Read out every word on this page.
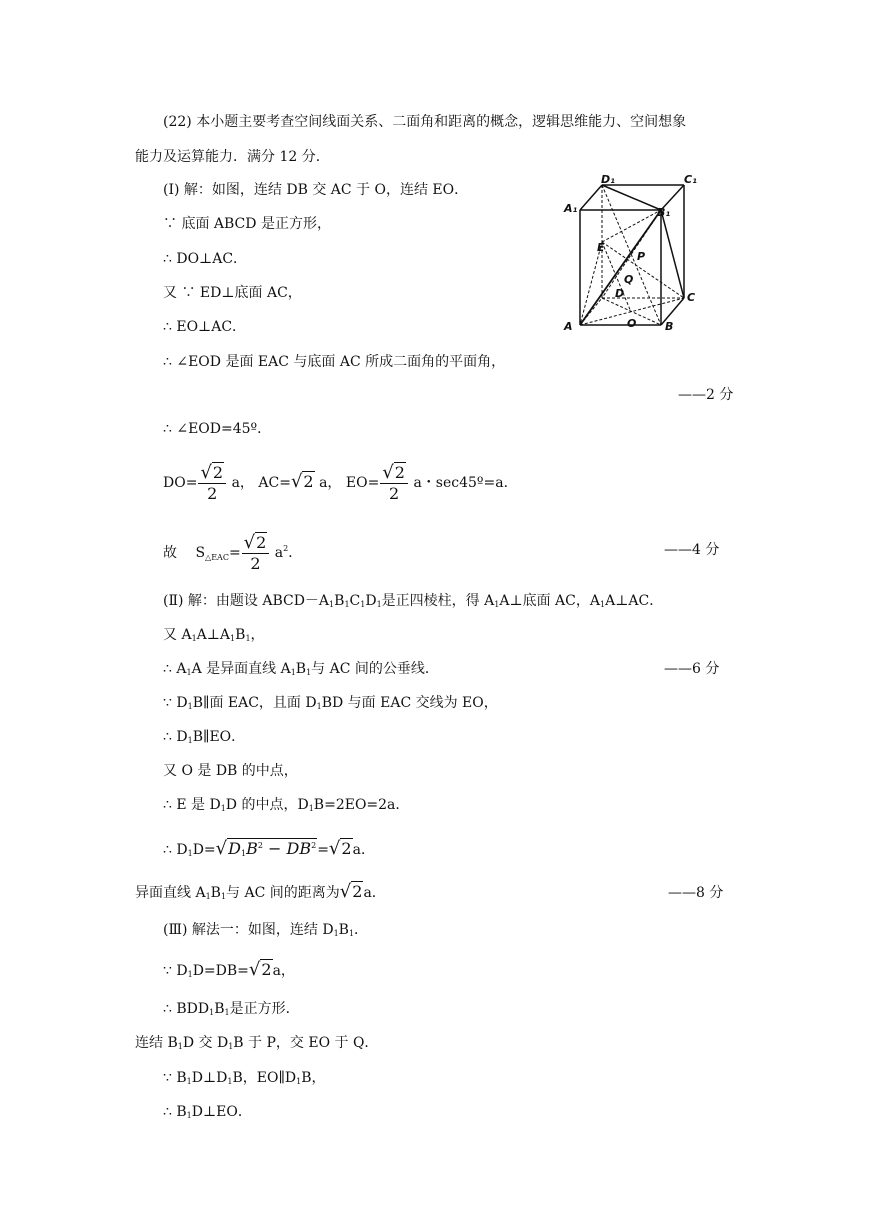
(22) 本小题主要考查空间线面关系、二面角和距离的概念，逻辑思维能力、空间想象
能力及运算能力．满分 12 分．
(Ⅰ) 解：如图，连结 DB 交 AC 于 O，连结 EO．
∵ 底面 ABCD 是正方形，
∴ DO⊥AC．
又 ∵ ED⊥底面 AC，
∴ EO⊥AC．
∴ ∠EOD 是面 EAC 与底面 AC 所成二面角的平面角，
——2 分
∴ ∠EOD=45º．
$DO= \frac{√2}{2}$ a， AC=√2 a， $EO= \frac{√2}{2}$ a・sec45º=a．
故 $S_{\triangle EAC}= \frac{√2}{2} a^2$．	——4 分
(Ⅱ) 解：由题设 $ABCD-A_1B_1C_1D_1$是正四棱柱，得 $A_1A\perp$底面 AC，$A_1A\perp AC$．
又 $A_1A\perp A_1B_1$，
∴ $A_1A$ 是异面直线 $A_1B_1$与 AC 间的公垂线．	——6 分
∵ $D_1B\parallel$面 EAC，且面 $D_1BD$ 与面 EAC 交线为 EO，
∴ $D_1B\parallel EO$．
又 O 是 DB 的中点，
∴ E 是 $D_1D$ 的中点，$D_1B=2EO=2a$．
∴ $D_1D=√D_1B^2 - DB^2=√2a$．
异面直线 $A_1B_1$与 AC 间的距离为√2a．	——8 分
(Ⅲ) 解法一：如图，连结 $D_1B_1$．
∵ $D_1D=DB=√2a$，
∴ $BDD_1B_1$是正方形．
连结 $B_1D$ 交 $D_1B$ 于 P，交 EO 于 Q．
∵ $B_1D\perp D_1B$，$EO\parallel D_1B$，
∴ $B_1D\perp EO$．
D₁	C₁
A₁	B₁
E
P
Q
D	C
A	O	B
